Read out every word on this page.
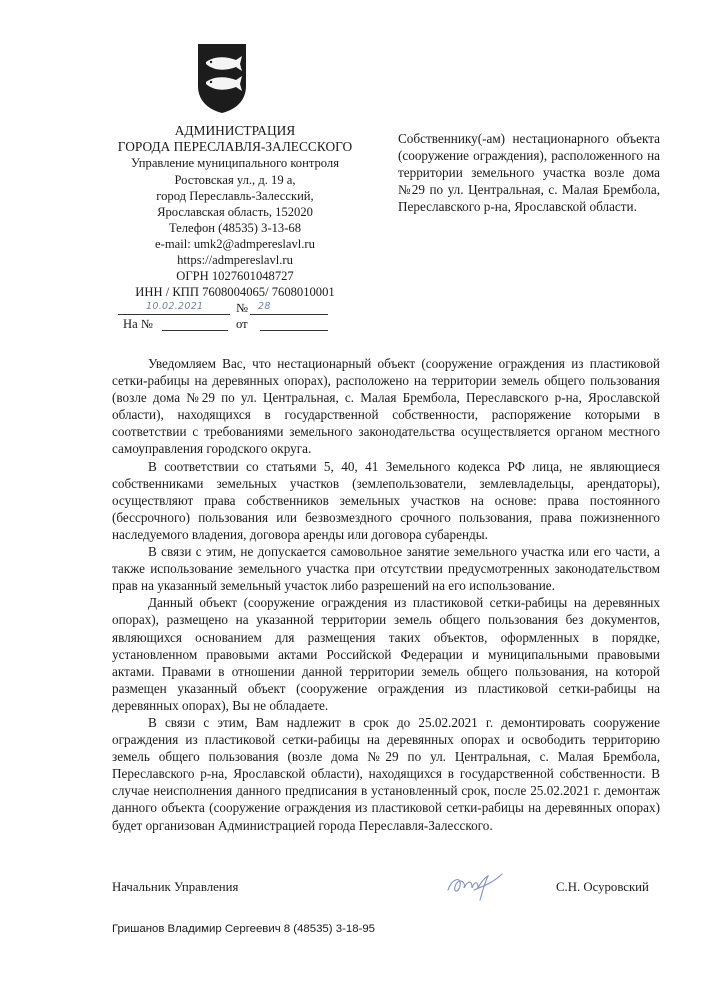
АДМИНИСТРАЦИЯ
ГОРОДА ПЕРЕСЛАВЛЯ-ЗАЛЕССКОГО
Управление муниципального контроля
Ростовская ул., д. 19 а,
город Переславль-Залесский,
Ярославская область, 152020
Телефон (48535) 3-13-68
e-mail: umk2@admpereslavl.ru
https://admpereslavl.ru
ОГРН 1027601048727
ИНН / КПП 7608004065/ 7608010001
10.02.2021	№ 28
На №	от
Собственнику(-ам) нестационарного объекта (сооружение ограждения), расположенного на территории земельного участка возле дома №29 по ул. Центральная, с. Малая Брембола, Переславского р-на, Ярославской области.

Уведомляем Вас, что нестационарный объект (сооружение ограждения из пластиковой сетки-рабицы на деревянных опорах), расположено на территории земель общего пользования (возле дома №29 по ул. Центральная, с. Малая Брембола, Переславского р-на, Ярославской области), находящихся в государственной собственности, распоряжение которыми в соответствии с требованиями земельного законодательства осуществляется органом местного самоуправления городского округа.

В соответствии со статьями 5, 40, 41 Земельного кодекса РФ лица, не являющиеся собственниками земельных участков (землепользователи, землевладельцы, арендаторы), осуществляют права собственников земельных участков на основе: права постоянного (бессрочного) пользования или безвозмездного срочного пользования, права пожизненного наследуемого владения, договора аренды или договора субаренды.

В связи с этим, не допускается самовольное занятие земельного участка или его части, а также использование земельного участка при отсутствии предусмотренных законодательством прав на указанный земельный участок либо разрешений на его использование.

Данный объект (сооружение ограждения из пластиковой сетки-рабицы на деревянных опорах), размещено на указанной территории земель общего пользования без документов, являющихся основанием для размещения таких объектов, оформленных в порядке, установленном правовыми актами Российской Федерации и муниципальными правовыми актами. Правами в отношении данной территории земель общего пользования, на которой размещен указанный объект (сооружение ограждения из пластиковой сетки-рабицы на деревянных опорах), Вы не обладаете.

В связи с этим, Вам надлежит в срок до 25.02.2021 г. демонтировать сооружение ограждения из пластиковой сетки-рабицы на деревянных опорах и освободить территорию земель общего пользования (возле дома №29 по ул. Центральная, с. Малая Брембола, Переславского р-на, Ярославской области), находящихся в государственной собственности. В случае неисполнения данного предписания в установленный срок, после 25.02.2021 г. демонтаж данного объекта (сооружение ограждения из пластиковой сетки-рабицы на деревянных опорах) будет организован Администрацией города Переславля-Залесского.

Начальник Управления	С.Н. Осуровский
Гришанов Владимир Сергеевич 8 (48535) 3-18-95
